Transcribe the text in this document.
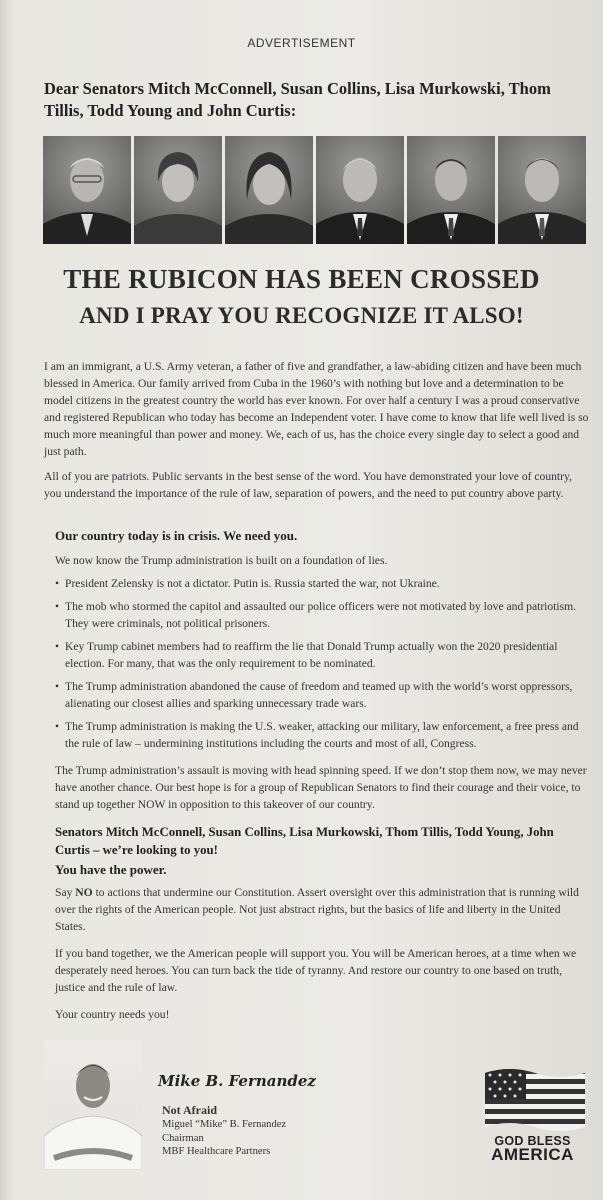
ADVERTISEMENT
Dear Senators Mitch McConnell, Susan Collins, Lisa Murkowski, Thom Tillis, Todd Young and John Curtis:
THE RUBICON HAS BEEN CROSSED
AND I PRAY YOU RECOGNIZE IT ALSO!

I am an immigrant, a U.S. Army veteran, a father of five and grandfather, a law-abiding citizen and have been much blessed in America. Our family arrived from Cuba in the 1960’s with nothing but love and a determination to be model citizens in the greatest country the world has ever known. For over half a century I was a proud conservative and registered Republican who today has become an Independent voter. I have come to know that life well lived is so much more meaningful than power and money. We, each of us, has the choice every single day to select a good and just path.

All of you are patriots. Public servants in the best sense of the word. You have demonstrated your love of country, you understand the importance of the rule of law, separation of powers, and the need to put country above party.

Our country today is in crisis. We need you.
We now know the Trump administration is built on a foundation of lies.
• President Zelensky is not a dictator. Putin is. Russia started the war, not Ukraine.
• The mob who stormed the capitol and assaulted our police officers were not motivated by love and patriotism. They were criminals, not political prisoners.
• Key Trump cabinet members had to reaffirm the lie that Donald Trump actually won the 2020 presidential election. For many, that was the only requirement to be nominated.
• The Trump administration abandoned the cause of freedom and teamed up with the world’s worst oppressors, alienating our closest allies and sparking unnecessary trade wars.
• The Trump administration is making the U.S. weaker, attacking our military, law enforcement, a free press and the rule of law – undermining institutions including the courts and most of all, Congress.
The Trump administration’s assault is moving with head spinning speed. If we don’t stop them now, we may never have another chance. Our best hope is for a group of Republican Senators to find their courage and their voice, to stand up together NOW in opposition to this takeover of our country.
Senators Mitch McConnell, Susan Collins, Lisa Murkowski, Thom Tillis, Todd Young, John Curtis – we’re looking to you!
You have the power.
Say NO to actions that undermine our Constitution. Assert oversight over this administration that is running wild over the rights of the American people. Not just abstract rights, but the basics of life and liberty in the United States.
If you band together, we the American people will support you. You will be American heroes, at a time when we desperately need heroes. You can turn back the tide of tyranny. And restore our country to one based on truth, justice and the rule of law.
Your country needs you!
Mike B. Fernandez
Not Afraid
Miguel “Mike” B. Fernandez
Chairman
MBF Healthcare Partners
GOD BLESS
AMERICA
